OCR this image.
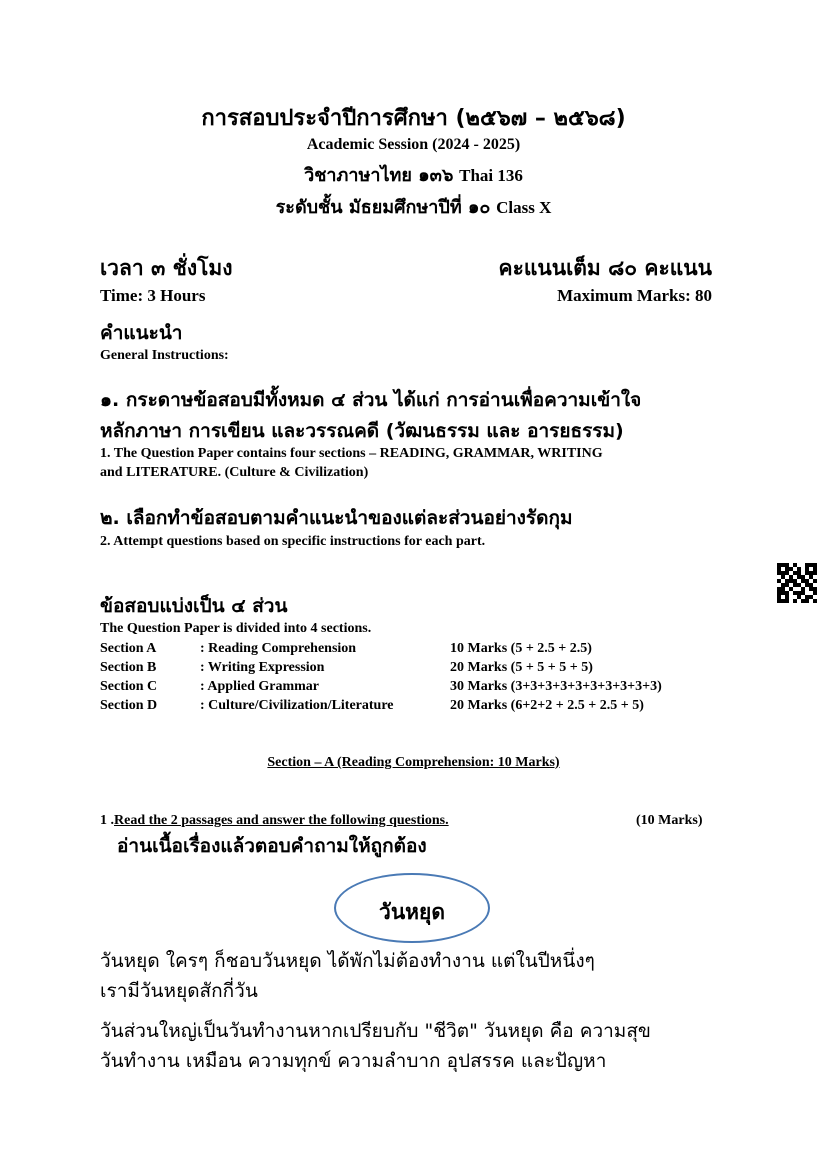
การสอบประจำปีการศึกษา (๒๕๖๗ – ๒๕๖๘)
Academic Session (2024 - 2025)
วิชาภาษาไทย ๑๓๖ Thai 136
ระดับชั้น มัธยมศึกษาปีที่ ๑๐ Class X
เวลา ๓ ชั่งโมง	คะแนนเต็ม ๘๐ คะแนน
Time: 3 Hours	Maximum Marks: 80
คำแนะนำ
General Instructions:
๑. กระดาษข้อสอบมีทั้งหมด ๔ ส่วน ได้แก่ การอ่านเพื่อความเข้าใจ
หลักภาษา การเขียน และวรรณคดี (วัฒนธรรม และ อารยธรรม)
1. The Question Paper contains four sections – READING, GRAMMAR, WRITING
and LITERATURE. (Culture & Civilization)
๒. เลือกทำข้อสอบตามคำแนะนำของแต่ละส่วนอย่างรัดกุม
2. Attempt questions based on specific instructions for each part.
ข้อสอบแบ่งเป็น ๔ ส่วน
The Question Paper is divided into 4 sections.
Section A	: Reading Comprehension	10 Marks (5 + 2.5 + 2.5)
Section B	: Writing Expression	20 Marks (5 + 5 + 5 + 5)
Section C	: Applied Grammar	30 Marks (3+3+3+3+3+3+3+3+3+3)
Section D	: Culture/Civilization/Literature	20 Marks (6+2+2 + 2.5 + 2.5 + 5)
Section – A (Reading Comprehension: 10 Marks)
1 .Read the 2 passages and answer the following questions.	(10 Marks)
อ่านเนื้อเรื่องแล้วตอบคำถามให้ถูกต้อง
วันหยุด
วันหยุด ใครๆ ก็ชอบวันหยุด ได้พักไม่ต้องทำงาน แต่ในปีหนึ่งๆ
เรามีวันหยุดสักกี่วัน
วันส่วนใหญ่เป็นวันทำงานหากเปรียบกับ "ชีวิต" วันหยุด คือ ความสุข
วันทำงาน เหมือน ความทุกข์ ความลำบาก อุปสรรค และปัญหา
